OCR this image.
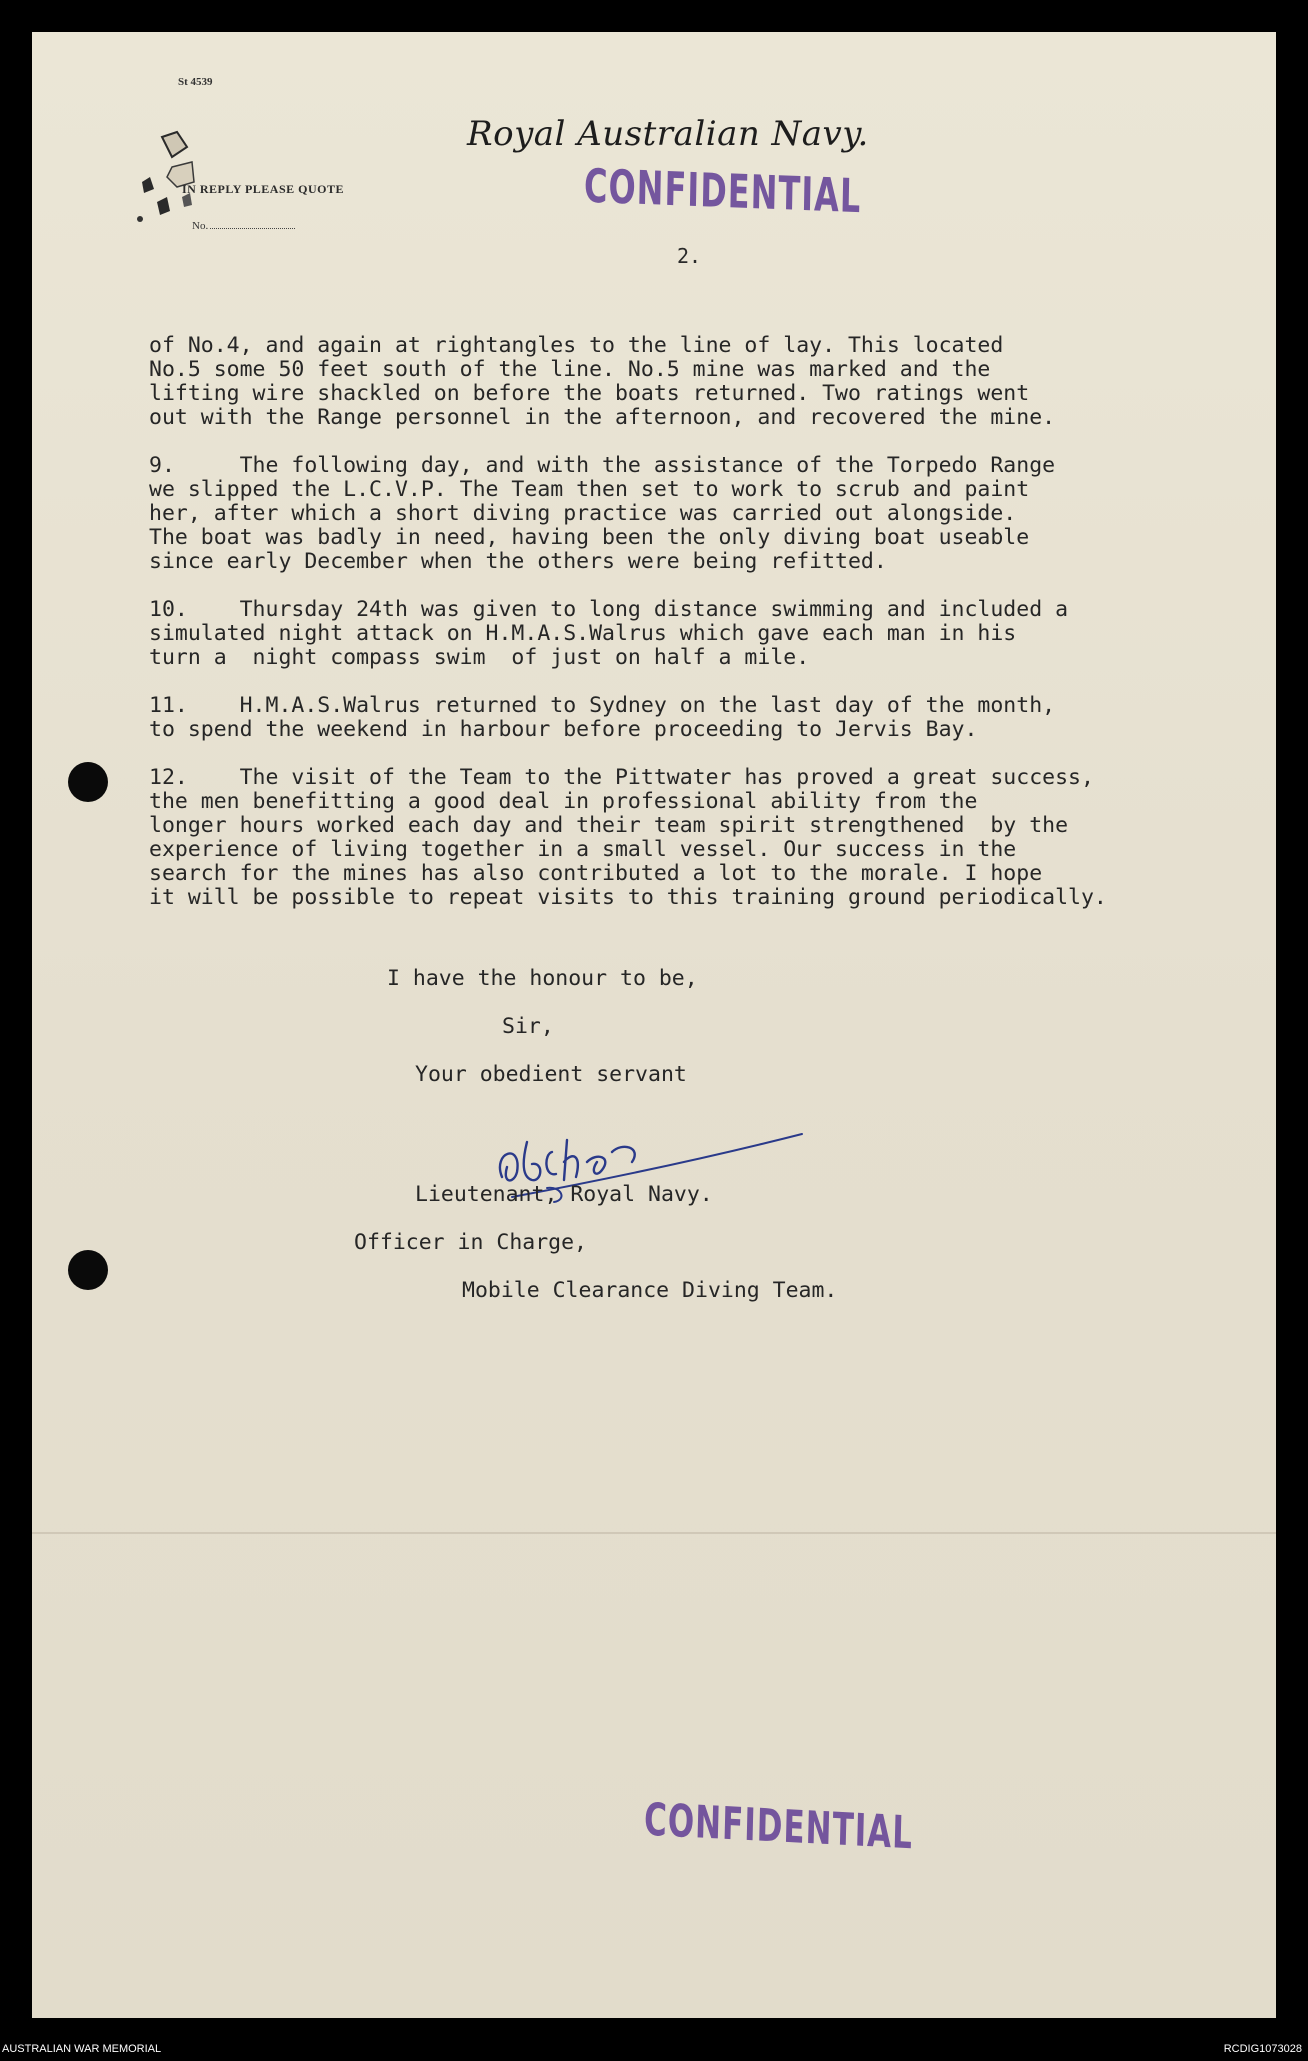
St 4539
IN REPLY PLEASE QUOTE
No.
Royal Australian Navy.
CONFIDENTIAL
2.
of No.4, and again at rightangles to the line of lay. This located
No.5 some 50 feet south of the line. No.5 mine was marked and the
lifting wire shackled on before the boats returned. Two ratings went
out with the Range personnel in the afternoon, and recovered the mine.
9.     The following day, and with the assistance of the Torpedo Range
we slipped the L.C.V.P. The Team then set to work to scrub and paint
her, after which a short diving practice was carried out alongside.
The boat was badly in need, having been the only diving boat useable
since early December when the others were being refitted.
10.    Thursday 24th was given to long distance swimming and included a
simulated night attack on H.M.A.S.Walrus which gave each man in his
turn a  night compass swim  of just on half a mile.
11.    H.M.A.S.Walrus returned to Sydney on the last day of the month,
to spend the weekend in harbour before proceeding to Jervis Bay.
12.    The visit of the Team to the Pittwater has proved a great success,
the men benefitting a good deal in professional ability from the
longer hours worked each day and their team spirit strengthened  by the
experience of living together in a small vessel. Our success in the
search for the mines has also contributed a lot to the morale. I hope
it will be possible to repeat visits to this training ground periodically.
I have the honour to be,
Sir,
Your obedient servant
Lieutenant, Royal Navy.
Officer in Charge,
Mobile Clearance Diving Team.
CONFIDENTIAL
AUSTRALIAN WAR MEMORIAL	RCDIG1073028
